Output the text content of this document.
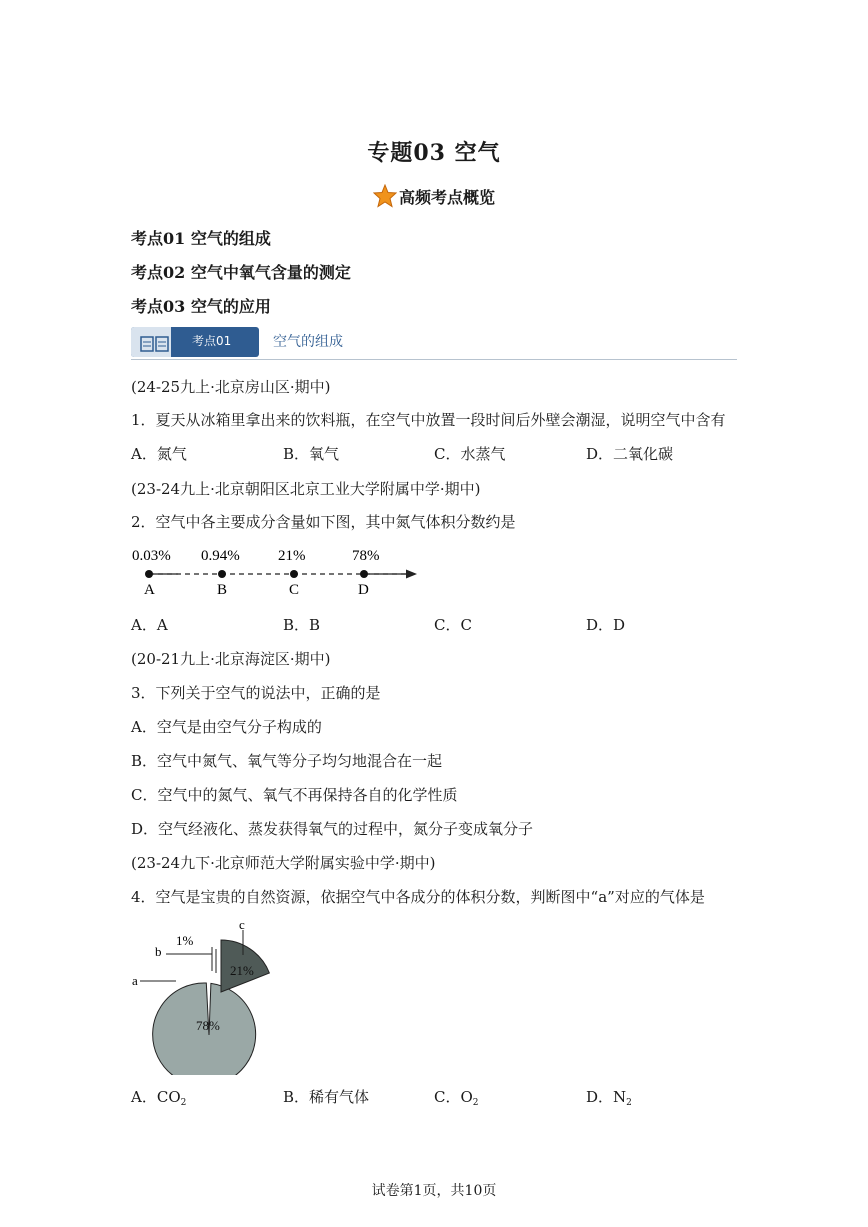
专题03 空气
高频考点概览
考点01 空气的组成
考点02 空气中氧气含量的测定
考点03 空气的应用
考点01	空气的组成
(24-25九上·北京房山区·期中)
1．夏天从冰箱里拿出来的饮料瓶，在空气中放置一段时间后外壁会潮湿，说明空气中含有
A．氮气	B．氧气	C．水蒸气	D．二氧化碳
(23-24九上·北京朝阳区北京工业大学附属中学·期中)
2．空气中各主要成分含量如下图，其中氮气体积分数约是
0.03% 0.94%	21%	78%
A	B	C	D
A．A	B．B	C．C	D．D
(20-21九上·北京海淀区·期中)
3．下列关于空气的说法中，正确的是
A．空气是由空气分子构成的
B．空气中氮气、氧气等分子均匀地混合在一起
C．空气中的氮气、氧气不再保持各自的化学性质
D．空气经液化、蒸发获得氧气的过程中，氮分子变成氧分子
(23-24九下·北京师范大学附属实验中学·期中)
4．空气是宝贵的自然资源，依据空气中各成分的体积分数，判断图中“a”对应的气体是
1%
b
a
c
21%
78%
A．$CO_2$	B．稀有气体	C．$O_2$	D．$N_2$
试卷第1页，共10页
